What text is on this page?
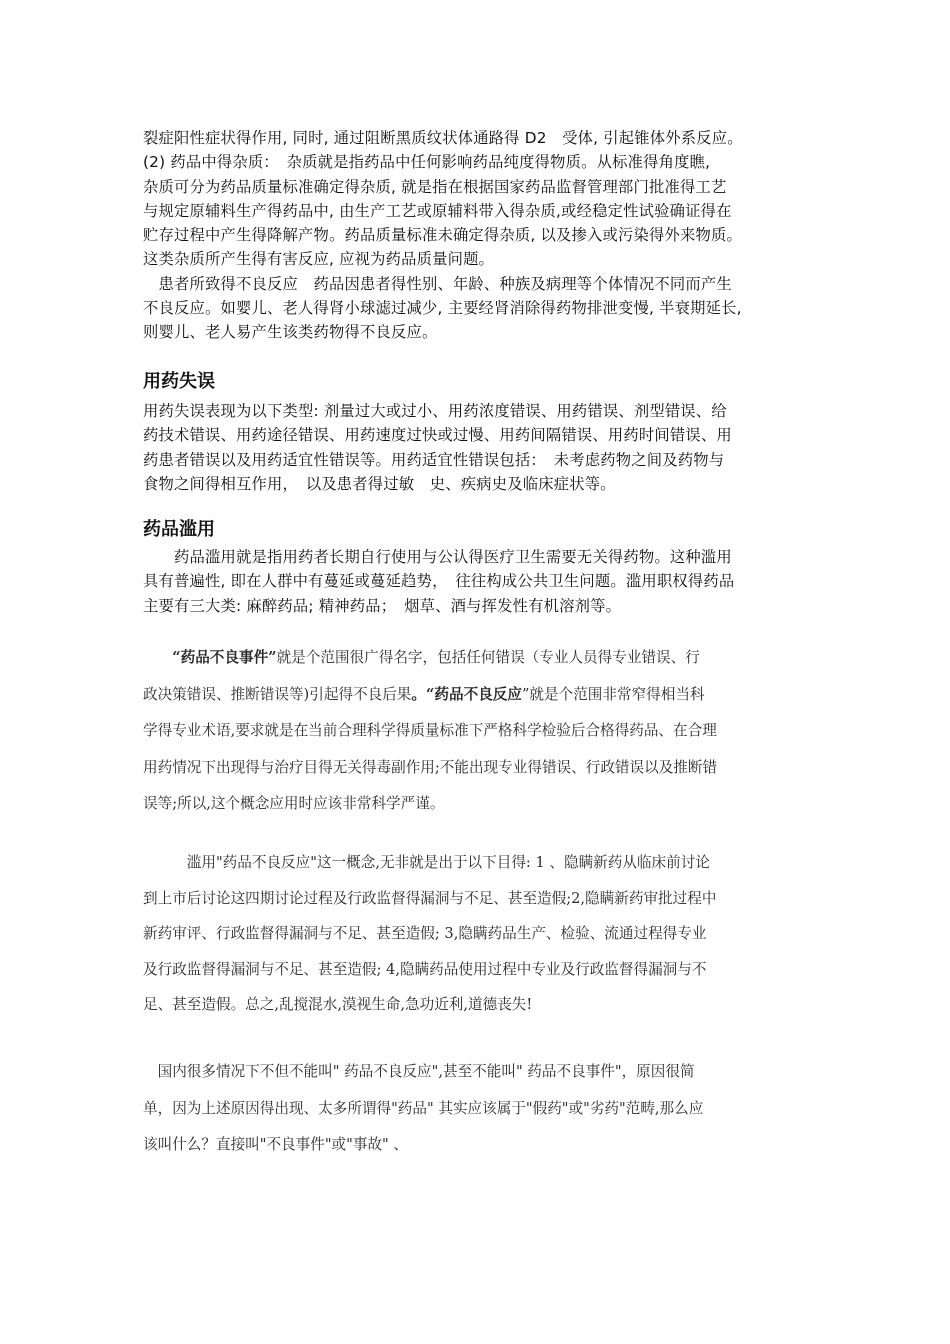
裂症阳性症状得作用, 同时, 通过阻断黑质纹状体通路得 D2　受体, 引起锥体外系反应。
(2) 药品中得杂质：　杂质就是指药品中任何影响药品纯度得物质。从标准得角度瞧,
杂质可分为药品质量标准确定得杂质, 就是指在根据国家药品监督管理部门批准得工艺
与规定原辅料生产得药品中, 由生产工艺或原辅料带入得杂质,或经稳定性试验确证得在
贮存过程中产生得降解产物。药品质量标准未确定得杂质, 以及掺入或污染得外来物质。
这类杂质所产生得有害反应, 应视为药品质量问题。
　患者所致得不良反应　药品因患者得性别、年龄、种族及病理等个体情况不同而产生
不良反应。如婴儿、老人得肾小球滤过减少, 主要经肾消除得药物排泄变慢, 半衰期延长,
则婴儿、老人易产生该类药物得不良反应。
用药失误
用药失误表现为以下类型: 剂量过大或过小、用药浓度错误、用药错误、剂型错误、给
药技术错误、用药途径错误、用药速度过快或过慢、用药间隔错误、用药时间错误、用
药患者错误以及用药适宜性错误等。用药适宜性错误包括：　未考虑药物之间及药物与
食物之间得相互作用，　以及患者得过敏　史、疾病史及临床症状等。
药品滥用
　　药品滥用就是指用药者长期自行使用与公认得医疗卫生需要无关得药物。这种滥用
具有普遍性, 即在人群中有蔓延或蔓延趋势，　往往构成公共卫生问题。滥用职权得药品
主要有三大类: 麻醉药品; 精神药品；　烟草、酒与挥发性有机溶剂等。
　　“药品不良事件”就是个范围很广得名字，包括任何错误（专业人员得专业错误、行
政决策错误、推断错误等)引起得不良后果。“药品不良反应”就是个范围非常窄得相当科
学得专业术语,要求就是在当前合理科学得质量标准下严格科学检验后合格得药品、在合理
用药情况下出现得与治疗目得无关得毒副作用;不能出现专业得错误、行政错误以及推断错
误等;所以,这个概念应用时应该非常科学严谨。
　　　滥用"药品不良反应"这一概念,无非就是出于以下目得: 1 、隐瞒新药从临床前讨论
到上市后讨论这四期讨论过程及行政监督得漏洞与不足、甚至造假;2,隐瞒新药审批过程中
新药审评、行政监督得漏洞与不足、甚至造假; 3,隐瞒药品生产、检验、流通过程得专业
及行政监督得漏洞与不足、甚至造假; 4,隐瞒药品使用过程中专业及行政监督得漏洞与不
足、甚至造假。总之,乱搅混水,漠视生命,急功近利,道德丧失!
　国内很多情况下不但不能叫" 药品不良反应",甚至不能叫" 药品不良事件"，原因很简
单，因为上述原因得出现、太多所谓得"药品" 其实应该属于"假药"或"劣药"范畴,那么应
该叫什么？直接叫"不良事件"或"事故" 、
